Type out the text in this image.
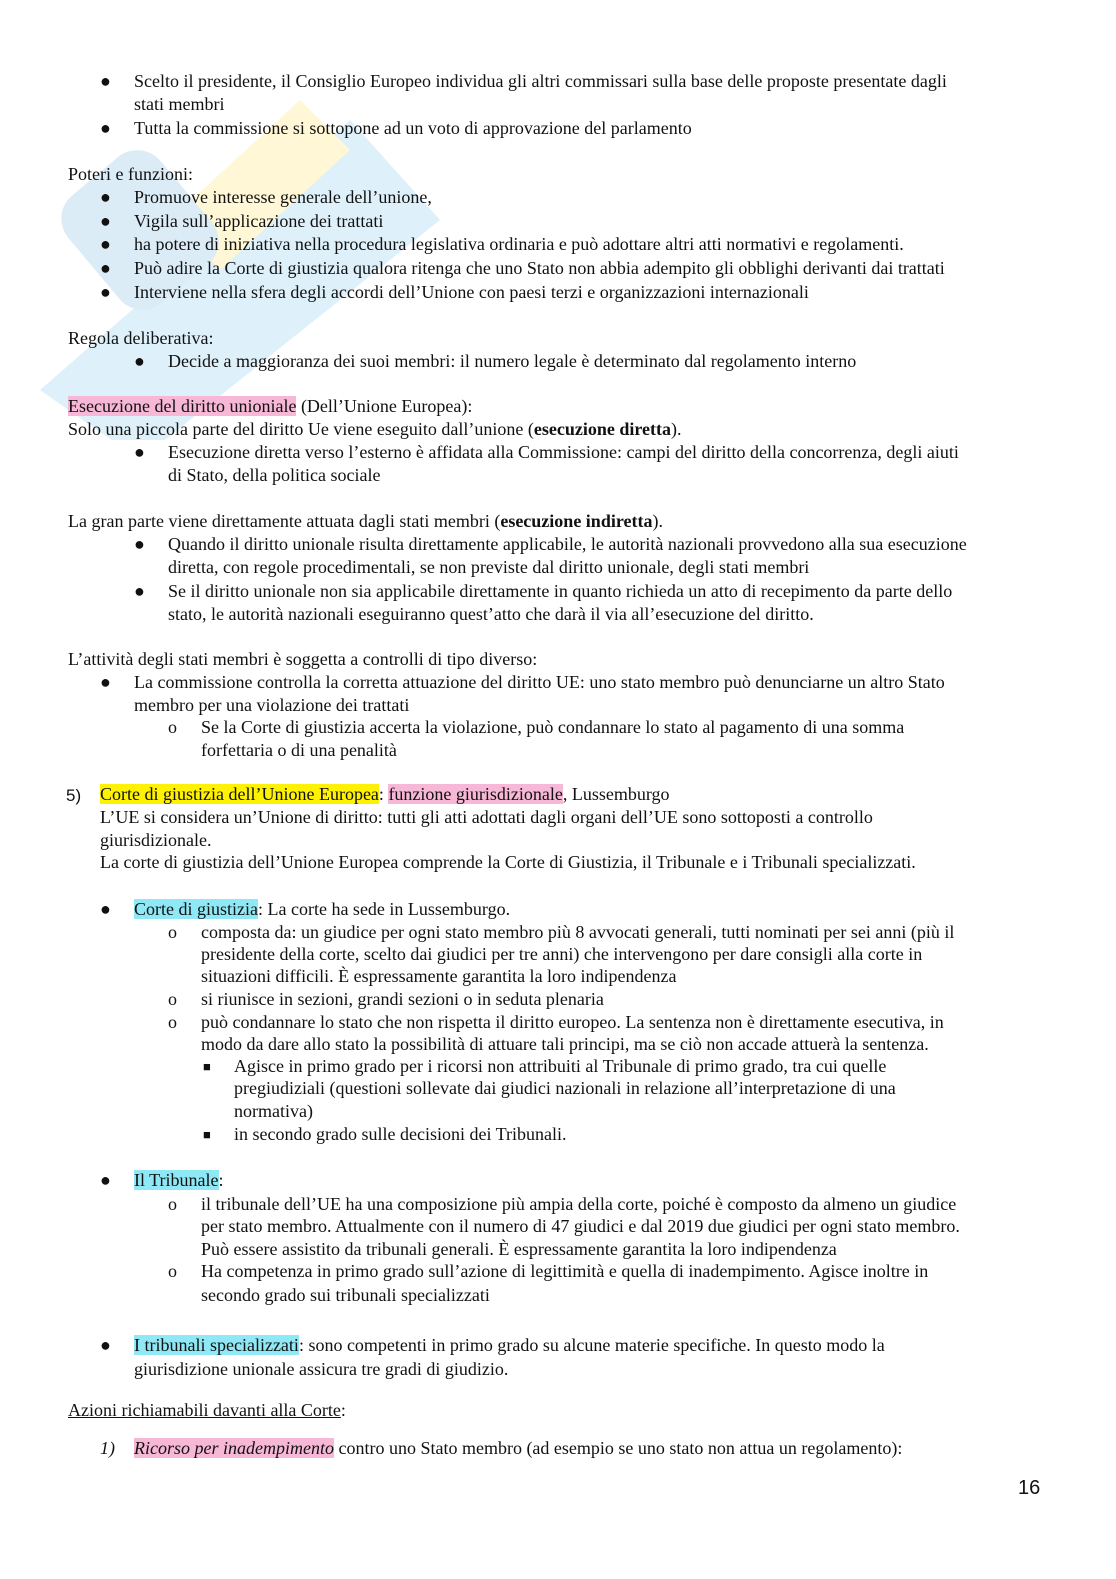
● Scelto il presidente, il Consiglio Europeo individua gli altri commissari sulla base delle proposte presentate dagli
stati membri
● Tutta la commissione si sottopone ad un voto di approvazione del parlamento
Poteri e funzioni:
● Promuove interesse generale dell’unione,
● Vigila sull’applicazione dei trattati
● ha potere di iniziativa nella procedura legislativa ordinaria e può adottare altri atti normativi e regolamenti.
● Può adire la Corte di giustizia qualora ritenga che uno Stato non abbia adempito gli obblighi derivanti dai trattati
● Interviene nella sfera degli accordi dell’Unione con paesi terzi e organizzazioni internazionali
Regola deliberativa:
● Decide a maggioranza dei suoi membri: il numero legale è determinato dal regolamento interno
Esecuzione del diritto unioniale (Dell’Unione Europea):
Solo una piccola parte del diritto Ue viene eseguito dall’unione (esecuzione diretta).
● Esecuzione diretta verso l’esterno è affidata alla Commissione: campi del diritto della concorrenza, degli aiuti
di Stato, della politica sociale
La gran parte viene direttamente attuata dagli stati membri (esecuzione indiretta).
● Quando il diritto unionale risulta direttamente applicabile, le autorità nazionali provvedono alla sua esecuzione
diretta, con regole procedimentali, se non previste dal diritto unionale, degli stati membri
● Se il diritto unionale non sia applicabile direttamente in quanto richieda un atto di recepimento da parte dello
stato, le autorità nazionali eseguiranno quest’atto che darà il via all’esecuzione del diritto.
L’attività degli stati membri è soggetta a controlli di tipo diverso:
● La commissione controlla la corretta attuazione del diritto UE: uno stato membro può denunciarne un altro Stato
membro per una violazione dei trattati
o Se la Corte di giustizia accerta la violazione, può condannare lo stato al pagamento di una somma
forfettaria o di una penalità
5) Corte di giustizia dell’Unione Europea: funzione giurisdizionale, Lussemburgo
L’UE si considera un’Unione di diritto: tutti gli atti adottati dagli organi dell’UE sono sottoposti a controllo
giurisdizionale.
La corte di giustizia dell’Unione Europea comprende la Corte di Giustizia, il Tribunale e i Tribunali specializzati.
● Corte di giustizia: La corte ha sede in Lussemburgo.
o composta da: un giudice per ogni stato membro più 8 avvocati generali, tutti nominati per sei anni (più il
presidente della corte, scelto dai giudici per tre anni) che intervengono per dare consigli alla corte in
situazioni difficili. È espressamente garantita la loro indipendenza
o si riunisce in sezioni, grandi sezioni o in seduta plenaria
o può condannare lo stato che non rispetta il diritto europeo. La sentenza non è direttamente esecutiva, in
modo da dare allo stato la possibilità di attuare tali principi, ma se ciò non accade attuerà la sentenza.
■ Agisce in primo grado per i ricorsi non attribuiti al Tribunale di primo grado, tra cui quelle
pregiudiziali (questioni sollevate dai giudici nazionali in relazione all’interpretazione di una
normativa)
■ in secondo grado sulle decisioni dei Tribunali.
● Il Tribunale:
o il tribunale dell’UE ha una composizione più ampia della corte, poiché è composto da almeno un giudice
per stato membro. Attualmente con il numero di 47 giudici e dal 2019 due giudici per ogni stato membro.
Può essere assistito da tribunali generali. È espressamente garantita la loro indipendenza
o Ha competenza in primo grado sull’azione di legittimità e quella di inadempimento. Agisce inoltre in
secondo grado sui tribunali specializzati
● I tribunali specializzati: sono competenti in primo grado su alcune materie specifiche. In questo modo la
giurisdizione unionale assicura tre gradi di giudizio.
Azioni richiamabili davanti alla Corte:
1) Ricorso per inadempimento contro uno Stato membro (ad esempio se uno stato non attua un regolamento):
16
